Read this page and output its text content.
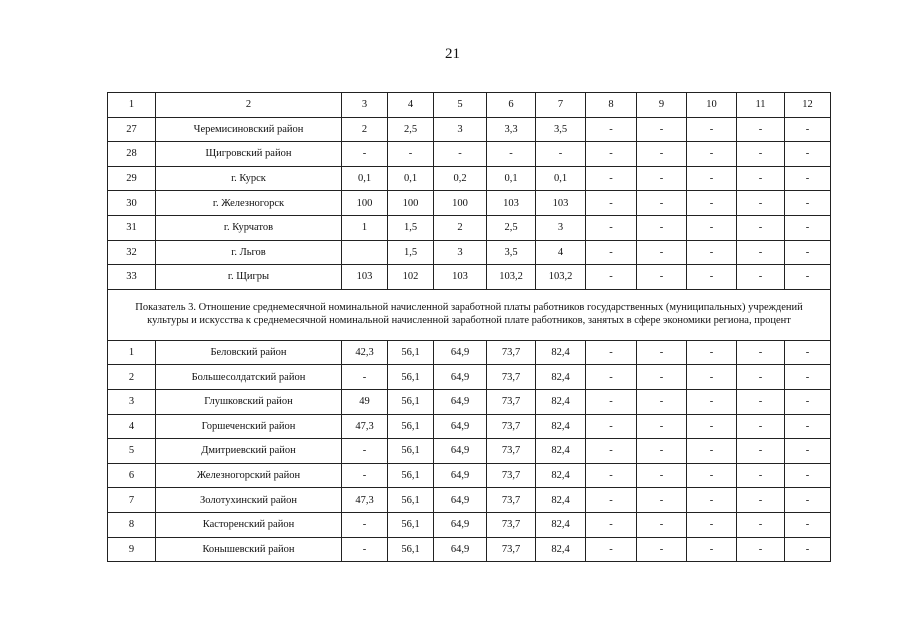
21
1	2	3	4	5	6	7	8	9	10	11	12
27	Черемисиновский район	2	2,5	3	3,3	3,5	-	-	-	-	-
28	Щигровский район	-	-	-	-	-	-	-	-	-	-
29	г. Курск	0,1	0,1	0,2	0,1	0,1	-	-	-	-	-
30	г. Железногорск	100	100	100	103	103	-	-	-	-	-
31	г. Курчатов	1	1,5	2	2,5	3	-	-	-	-	-
32	г. Льгов		1,5	3	3,5	4	-	-	-	-	-
33	г. Щигры	103	102	103	103,2	103,2	-	-	-	-	-
Показатель 3. Отношение среднемесячной номинальной начисленной заработной платы работников государственных (муниципальных) учреждений культуры и искусства к среднемесячной номинальной начисленной заработной плате работников, занятых в сфере экономики региона, процент											
1	Беловский район	42,3	56,1	64,9	73,7	82,4	-	-	-	-	-
2	Большесолдатский район	-	56,1	64,9	73,7	82,4	-	-	-	-	-
3	Глушковский район	49	56,1	64,9	73,7	82,4	-	-	-	-	-
4	Горшеченский район	47,3	56,1	64,9	73,7	82,4	-	-	-	-	-
5	Дмитриевский район	-	56,1	64,9	73,7	82,4	-	-	-	-	-
6	Железногорский район	-	56,1	64,9	73,7	82,4	-	-	-	-	-
7	Золотухинский район	47,3	56,1	64,9	73,7	82,4	-	-	-	-	-
8	Касторенский район	-	56,1	64,9	73,7	82,4	-	-	-	-	-
9	Конышевский район	-	56,1	64,9	73,7	82,4	-	-	-	-	-
